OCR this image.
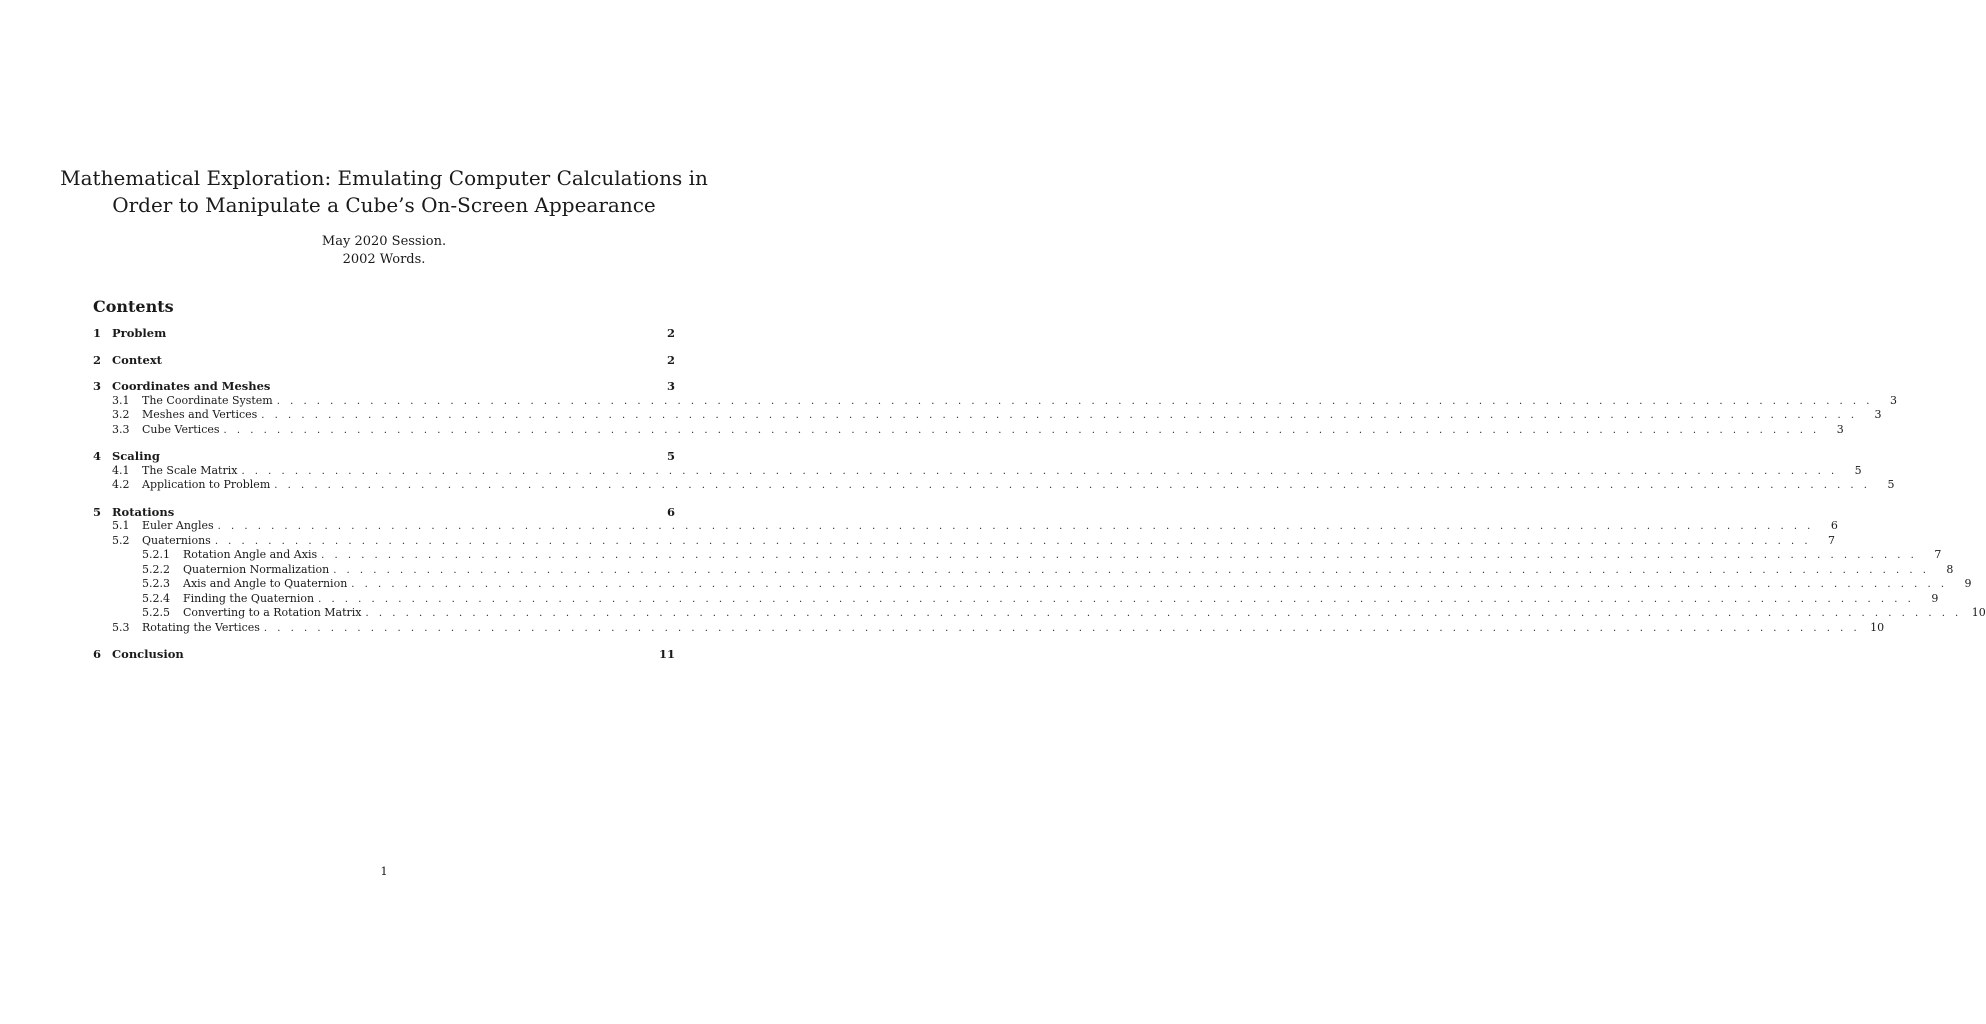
Mathematical Exploration: Emulating Computer Calculations in
Order to Manipulate a Cube’s On-Screen Appearance
May 2020 Session.
2002 Words.
Contents
1 Problem	2
2 Context	2
3 Coordinates and Meshes	3
3.1	The Coordinate System . . . . . . . . . . . . . . . . . . . . . . . . . . . . . . . . . . . . . . . . . . . . . . . . . . . . . . . . . . . . . . . . . . . . . . . . . . . . . . . . . . . . . . . . . . . . . . . . . . . . . . . . . . . . . . . . . . . . . . . .	3
3.2	Meshes and Vertices . . . . . . . . . . . . . . . . . . . . . . . . . . . . . . . . . . . . . . . . . . . . . . . . . . . . . . . . . . . . . . . . . . . . . . . . . . . . . . . . . . . . . . . . . . . . . . . . . . . . . . . . . . . . . . . . . . . . . . . .	3
3.3	Cube Vertices . . . . . . . . . . . . . . . . . . . . . . . . . . . . . . . . . . . . . . . . . . . . . . . . . . . . . . . . . . . . . . . . . . . . . . . . . . . . . . . . . . . . . . . . . . . . . . . . . . . . . . . . . . . . . . . . . . . . . . . .	3
4 Scaling	5
4.1	The Scale Matrix . . . . . . . . . . . . . . . . . . . . . . . . . . . . . . . . . . . . . . . . . . . . . . . . . . . . . . . . . . . . . . . . . . . . . . . . . . . . . . . . . . . . . . . . . . . . . . . . . . . . . . . . . . . . . . . . . . . . . . . .	5
4.2	Application to Problem . . . . . . . . . . . . . . . . . . . . . . . . . . . . . . . . . . . . . . . . . . . . . . . . . . . . . . . . . . . . . . . . . . . . . . . . . . . . . . . . . . . . . . . . . . . . . . . . . . . . . . . . . . . . . . . . . . . . . . . .	5
5 Rotations	6
5.1	Euler Angles . . . . . . . . . . . . . . . . . . . . . . . . . . . . . . . . . . . . . . . . . . . . . . . . . . . . . . . . . . . . . . . . . . . . . . . . . . . . . . . . . . . . . . . . . . . . . . . . . . . . . . . . . . . . . . . . . . . . . . . .	6
5.2	Quaternions . . . . . . . . . . . . . . . . . . . . . . . . . . . . . . . . . . . . . . . . . . . . . . . . . . . . . . . . . . . . . . . . . . . . . . . . . . . . . . . . . . . . . . . . . . . . . . . . . . . . . . . . . . . . . . . . . . . . . . . .	7
5.2.1	Rotation Angle and Axis . . . . . . . . . . . . . . . . . . . . . . . . . . . . . . . . . . . . . . . . . . . . . . . . . . . . . . . . . . . . . . . . . . . . . . . . . . . . . . . . . . . . . . . . . . . . . . . . . . . . . . . . . . . . . . . . . . . . . . . .	7
5.2.2	Quaternion Normalization . . . . . . . . . . . . . . . . . . . . . . . . . . . . . . . . . . . . . . . . . . . . . . . . . . . . . . . . . . . . . . . . . . . . . . . . . . . . . . . . . . . . . . . . . . . . . . . . . . . . . . . . . . . . . . . . . . . . . . . .	8
5.2.3	Axis and Angle to Quaternion . . . . . . . . . . . . . . . . . . . . . . . . . . . . . . . . . . . . . . . . . . . . . . . . . . . . . . . . . . . . . . . . . . . . . . . . . . . . . . . . . . . . . . . . . . . . . . . . . . . . . . . . . . . . . . . . . . . . . . . .	9
5.2.4	Finding the Quaternion . . . . . . . . . . . . . . . . . . . . . . . . . . . . . . . . . . . . . . . . . . . . . . . . . . . . . . . . . . . . . . . . . . . . . . . . . . . . . . . . . . . . . . . . . . . . . . . . . . . . . . . . . . . . . . . . . . . . . . . .	9
5.2.5	Converting to a Rotation Matrix . . . . . . . . . . . . . . . . . . . . . . . . . . . . . . . . . . . . . . . . . . . . . . . . . . . . . . . . . . . . . . . . . . . . . . . . . . . . . . . . . . . . . . . . . . . . . . . . . . . . . . . . . . . . . . . . . . . . . . . . 10
5.3	Rotating the Vertices . . . . . . . . . . . . . . . . . . . . . . . . . . . . . . . . . . . . . . . . . . . . . . . . . . . . . . . . . . . . . . . . . . . . . . . . . . . . . . . . . . . . . . . . . . . . . . . . . . . . . . . . . . . . . . . . . . . . . . . . 10
6 Conclusion	11
1
